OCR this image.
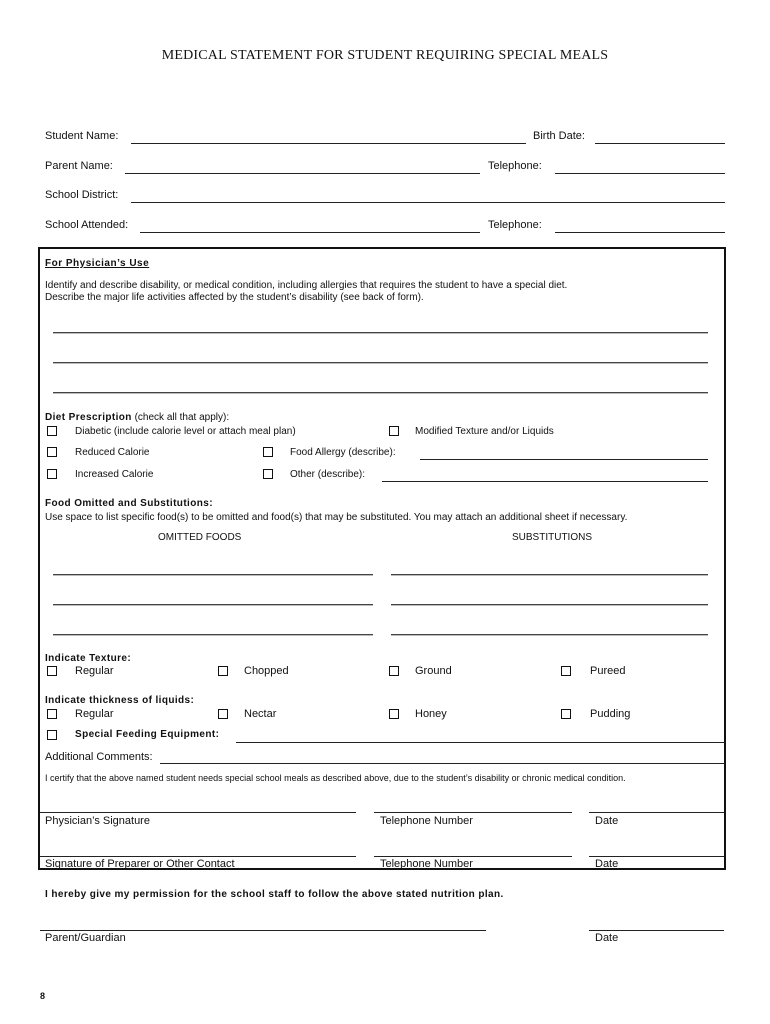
MEDICAL STATEMENT FOR STUDENT REQUIRING SPECIAL MEALS
Student Name:	Birth Date:
Parent Name:	Telephone:
School District:
School Attended:	Telephone:
For Physician’s Use
Identify and describe disability, or medical condition, including allergies that requires the student to have a special diet.
Describe the major life activities affected by the student’s disability (see back of form).
Diet Prescription (check all that apply):
Diabetic (include calorie level or attach meal plan)	Modified Texture and/or Liquids
Reduced Calorie	Food Allergy (describe):
Increased Calorie	Other (describe):
Food Omitted and Substitutions:
Use space to list specific food(s) to be omitted and food(s) that may be substituted. You may attach an additional sheet if necessary.
OMITTED FOODS	SUBSTITUTIONS
Indicate Texture:
Regular	Chopped	Ground	Pureed
Indicate thickness of liquids:
Regular	Nectar	Honey	Pudding
Special Feeding Equipment:
Additional Comments:
I certify that the above named student needs special school meals as described above, due to the student’s disability or chronic medical condition.
Physician’s Signature	Telephone Number	Date
Signature of Preparer or Other Contact	Telephone Number	Date
I hereby give my permission for the school staff to follow the above stated nutrition plan.
Parent/Guardian	Date
8
